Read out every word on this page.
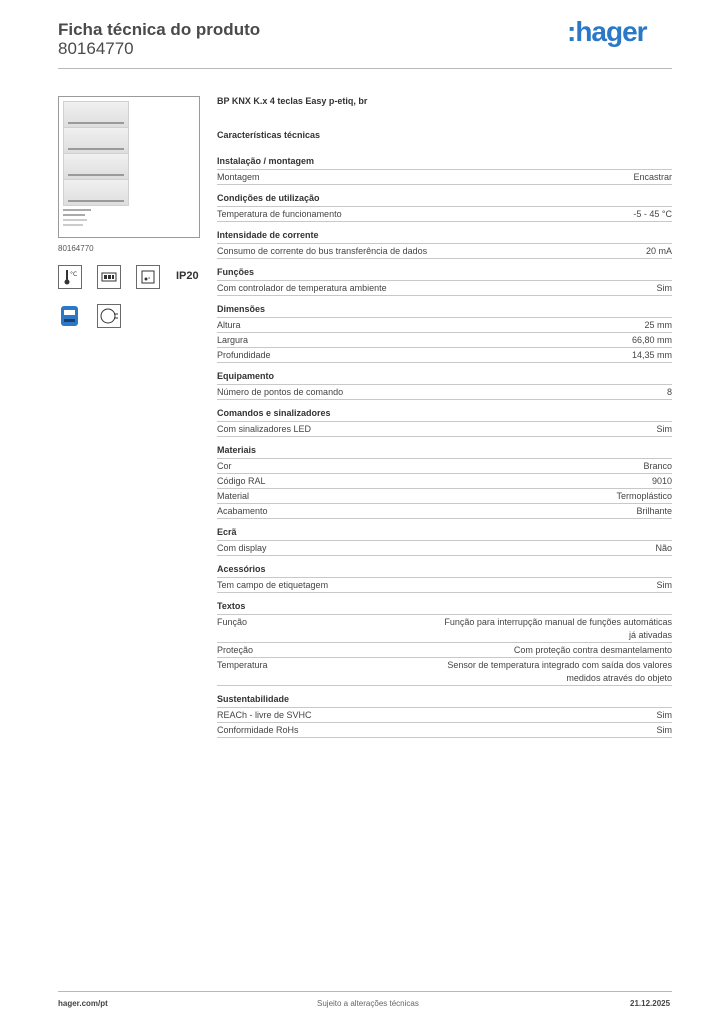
Ficha técnica do produto
80164770
:hager
80164770
°C
° IP20
BP KNX K.x 4 teclas Easy p-etiq, br
Características técnicas
Instalação / montagem
Montagem	Encastrar
Condições de utilização
Temperatura de funcionamento	-5 - 45 °C
Intensidade de corrente
Consumo de corrente do bus transferência de dados	20 mA
Funções
Com controlador de temperatura ambiente	Sim
Dimensões
Altura	25 mm
Largura	66,80 mm
Profundidade	14,35 mm
Equipamento
Número de pontos de comando	8
Comandos e sinalizadores
Com sinalizadores LED	Sim
Materiais
Cor	Branco
Código RAL	9010
Material	Termoplástico
Acabamento	Brilhante
Ecrã
Com display	Não
Acessórios
Tem campo de etiquetagem	Sim
Textos
Função	Função para interrupção manual de funções automáticas já ativadas
Proteção	Com proteção contra desmantelamento
Temperatura	Sensor de temperatura integrado com saída dos valores medidos através do objeto
Sustentabilidade
REACh - livre de SVHC	Sim
Conformidade RoHs	Sim
hager.com/pt	Sujeito a alterações técnicas	21.12.2025
